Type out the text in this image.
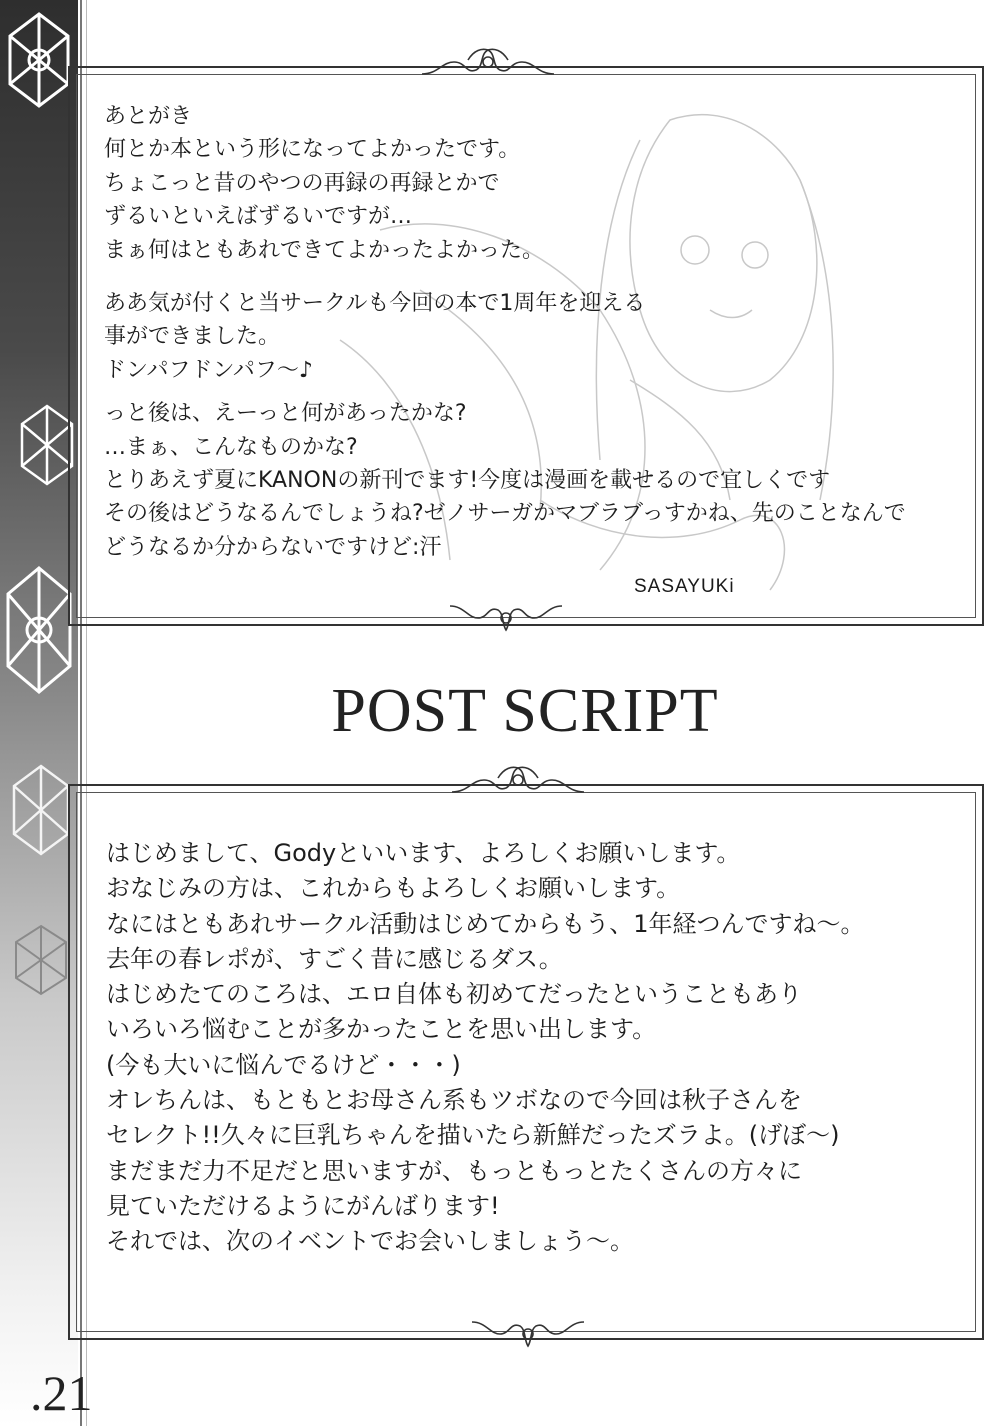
あとがき

何とか本という形になってよかったです。

ちょこっと昔のやつの再録の再録とかで

ずるいといえばずるいですが…

まぁ何はともあれできてよかったよかった。

ああ気が付くと当サークルも今回の本で1周年を迎える

事ができました。

ドンパフドンパフ〜♪

っと後は、えーっと何があったかな?

…まぁ、こんなものかな?

とりあえず夏にKANONの新刊でます!今度は漫画を載せるので宜しくです

その後はどうなるんでしょうね?ゼノサーガかマブラブっすかね、先のことなんで

どうなるか分からないですけど:汗

SASAYUKi
POST SCRIPT

はじめまして、Godyといいます、よろしくお願いします。

おなじみの方は、これからもよろしくお願いします。

なにはともあれサークル活動はじめてからもう、1年経つんですね〜。

去年の春レポが、すごく昔に感じるダス。

はじめたてのころは、エロ自体も初めてだったということもあり

いろいろ悩むことが多かったことを思い出します。

(今も大いに悩んでるけど・・・)

オレちんは、もともとお母さん系もツボなので今回は秋子さんを

セレクト!!久々に巨乳ちゃんを描いたら新鮮だったズラよ。(げぼ〜)

まだまだ力不足だと思いますが、もっともっとたくさんの方々に

見ていただけるようにがんばります!

それでは、次のイベントでお会いしましょう〜。

.21
